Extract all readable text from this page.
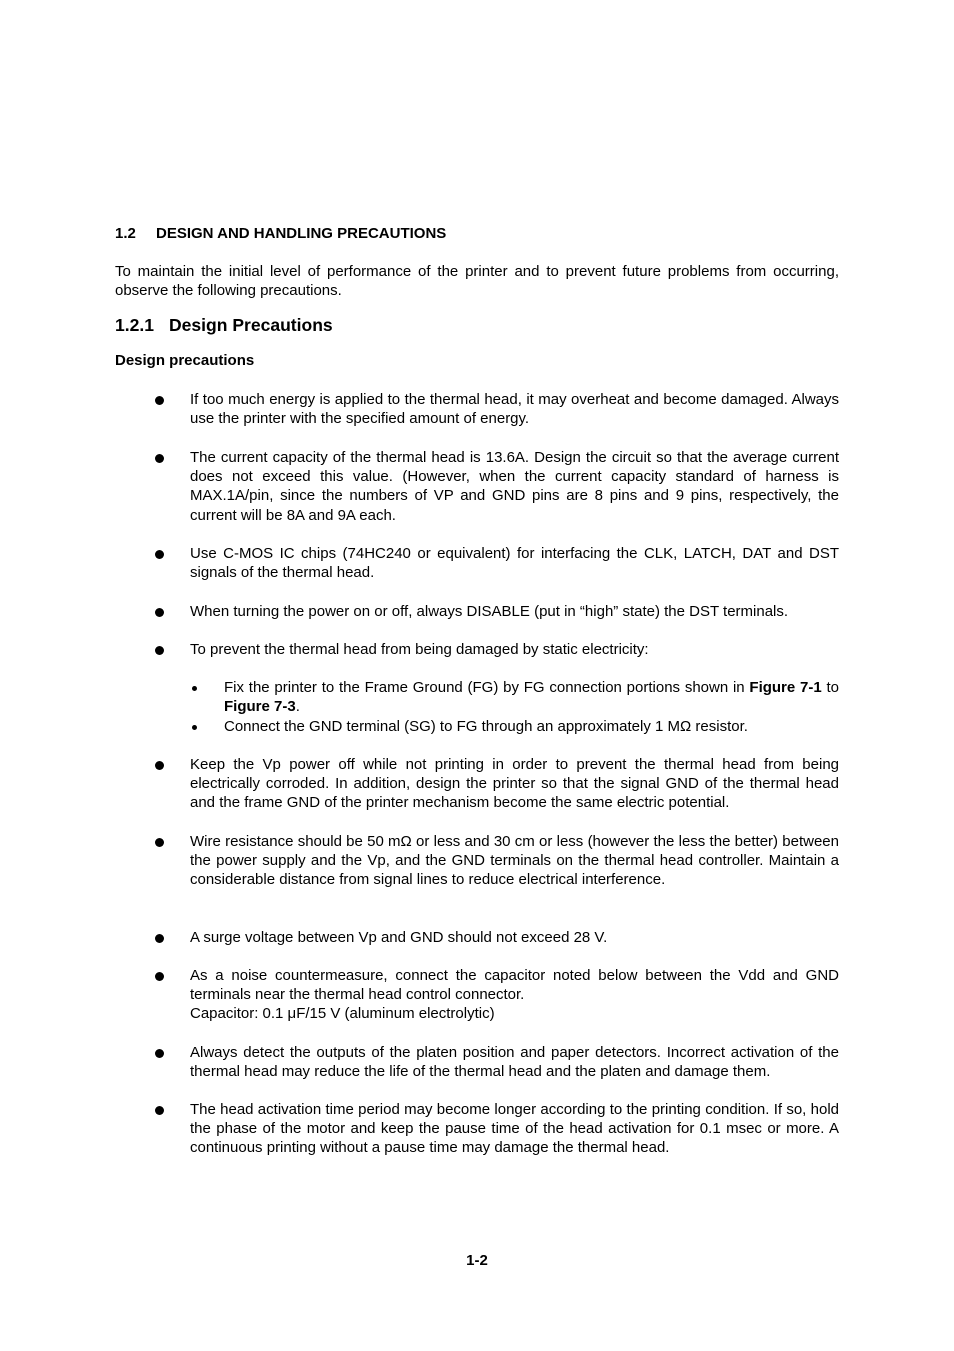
1.2 DESIGN AND HANDLING PRECAUTIONS

To maintain the initial level of performance of the printer and to prevent future problems from occurring, observe the following precautions.

1.2.1 Design Precautions

Design precautions

If too much energy is applied to the thermal head, it may overheat and become damaged. Always use the printer with the specified amount of energy.
The current capacity of the thermal head is 13.6A. Design the circuit so that the average current does not exceed this value. (However, when the current capacity standard of harness is MAX.1A/pin, since the numbers of VP and GND pins are 8 pins and 9 pins, respectively, the current will be 8A and 9A each.
Use C-MOS IC chips (74HC240 or equivalent) for interfacing the CLK, LATCH, DAT and DST signals of the thermal head.
When turning the power on or off, always DISABLE (put in “high” state) the DST terminals.
To prevent the thermal head from being damaged by static electricity:
Fix the printer to the Frame Ground (FG) by FG connection portions shown in Figure 7-1 to Figure 7-3.
Connect the GND terminal (SG) to FG through an approximately 1 MΩ resistor.
Keep the Vp power off while not printing in order to prevent the thermal head from being electrically corroded. In addition, design the printer so that the signal GND of the thermal head and the frame GND of the printer mechanism become the same electric potential.
Wire resistance should be 50 mΩ or less and 30 cm or less (however the less the better) between the power supply and the Vp, and the GND terminals on the thermal head controller. Maintain a considerable distance from signal lines to reduce electrical interference.
A surge voltage between Vp and GND should not exceed 28 V.
As a noise countermeasure, connect the capacitor noted below between the Vdd and GND terminals near the thermal head control connector.
Capacitor: 0.1 μF/15 V (aluminum electrolytic)
Always detect the outputs of the platen position and paper detectors. Incorrect activation of the thermal head may reduce the life of the thermal head and the platen and damage them.
The head activation time period may become longer according to the printing condition. If so, hold the phase of the motor and keep the pause time of the head activation for 0.1 msec or more. A continuous printing without a pause time may damage the thermal head.

1-2
